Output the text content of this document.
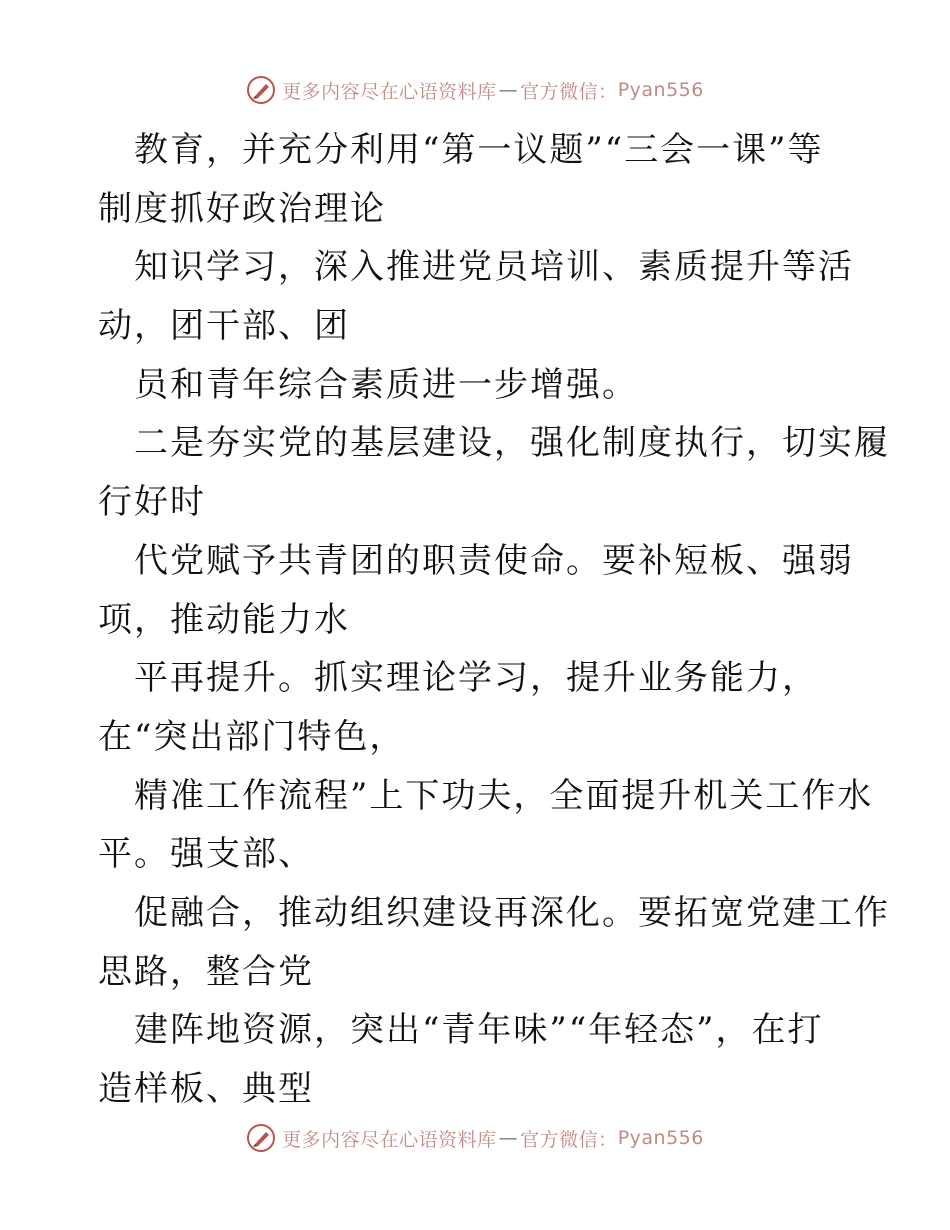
更多内容尽在心语资料库 — 官方微信： Pyan556
教育，并充分利用“第一议题”“三会一课”等
制度抓好政治理论
知识学习，深入推进党员培训、素质提升等活
动，团干部、团
员和青年综合素质进一步增强。
二是夯实党的基层建设，强化制度执行，切实履
行好时
代党赋予共青团的职责使命。要补短板、强弱
项，推动能力水
平再提升。抓实理论学习，提升业务能力，
在“突出部门特色，
精准工作流程”上下功夫，全面提升机关工作水
平。强支部、
促融合，推动组织建设再深化。要拓宽党建工作
思路，整合党
建阵地资源，突出“青年味”“年轻态”，在打
造样板、典型
更多内容尽在心语资料库 — 官方微信： Pyan556
